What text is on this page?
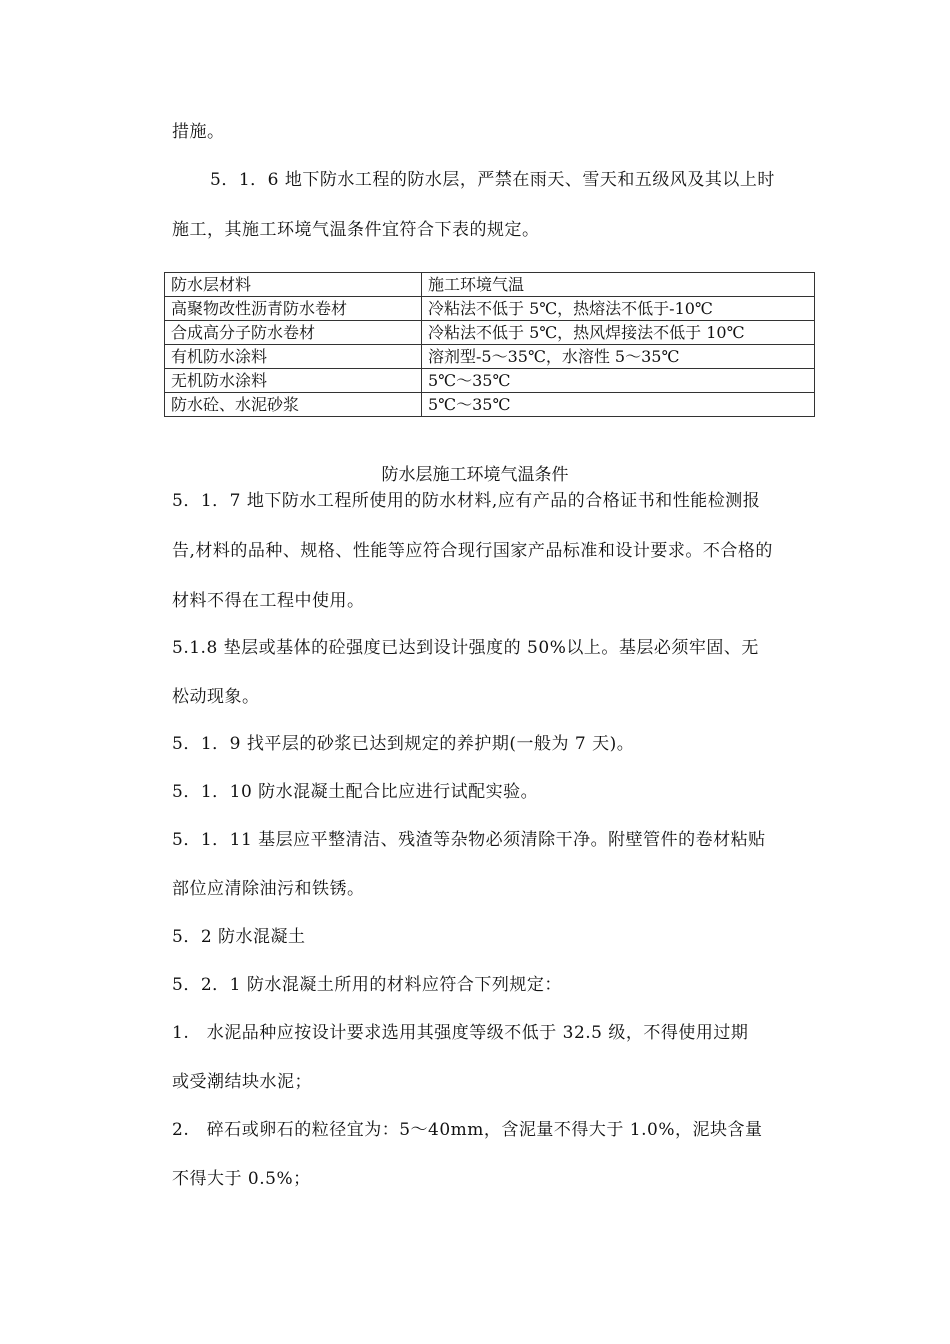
措施。
5．1．6 地下防水工程的防水层，严禁在雨天、雪天和五级风及其以上时
施工，其施工环境气温条件宜符合下表的规定。
防水层材料	施工环境气温
高聚物改性沥青防水卷材	冷粘法不低于 5℃，热熔法不低于-10℃
合成高分子防水卷材	冷粘法不低于 5℃，热风焊接法不低于 10℃
有机防水涂料	溶剂型-5～35℃，水溶性 5～35℃
无机防水涂料	5℃～35℃
防水砼、水泥砂浆	5℃～35℃
防水层施工环境气温条件
5．1．7 地下防水工程所使用的防水材料,应有产品的合格证书和性能检测报
告,材料的品种、规格、性能等应符合现行国家产品标准和设计要求。不合格的
材料不得在工程中使用。
5.1.8 垫层或基体的砼强度已达到设计强度的 50%以上。基层必须牢固、无
松动现象。
5．1．9 找平层的砂浆已达到规定的养护期(一般为 7 天)。
5．1．10 防水混凝土配合比应进行试配实验。
5．1．11 基层应平整清洁、残渣等杂物必须清除干净。附壁管件的卷材粘贴
部位应清除油污和铁锈。
5．2 防水混凝土
5．2．1 防水混凝土所用的材料应符合下列规定：
1.　水泥品种应按设计要求选用其强度等级不低于 32.5 级，不得使用过期
或受潮结块水泥；
2.　碎石或卵石的粒径宜为：5～40mm，含泥量不得大于 1.0%，泥块含量
不得大于 0.5%；
